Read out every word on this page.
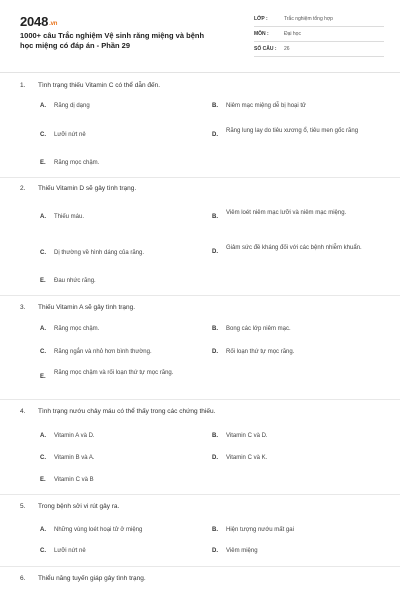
2048.vn
1000+ câu Trắc nghiệm Vệ sinh răng miệng và bệnh học miệng có đáp án - Phần 29
LỚP :	Trắc nghiệm tổng hợp
MÔN :	Đại học
SỐ CÂU : 26
1. Tình trạng thiếu Vitamin C có thể dẫn đến.
A. Răng dị dạng	B. Niêm mạc miệng dễ bị hoại tử
C. Lưỡi nứt nẻ	D.
Răng lung lay do tiêu xương ổ, tiêu men gốc răng
E. Răng mọc chậm.
2. Thiếu Vitamin D sẽ gây tình trạng.
A. Thiếu máu.	B.
Viêm loét niêm mạc lưỡi và niêm mạc miệng.
C. Dị thường về hình dáng của răng.	D.
Giảm sức đề kháng đối với các bệnh nhiễm khuẩn.
E. Đau nhức răng.
3. Thiếu Vitamin A sẽ gây tình trạng.
A. Răng mọc chậm.	B. Bong các lớp niêm mạc.
C. Răng ngắn và nhỏ hơn bình thường.	D. Rối loạn thứ tự mọc răng.
E.
Răng mọc chậm và rối loạn thứ tự mọc răng.
4. Tình trạng nướu chảy máu có thể thấy trong các chứng thiếu.
A. Vitamin A và D.	B. Vitamin C và D.
C. Vitamin B và A.	D. Vitamin C và K.
E. Vitamin C và B
5. Trong bệnh sởi vi rút gây ra.
A. Những vùng loét hoại tử ở miệng	B. Hiện tượng nướu mất gai
C. Lưỡi nứt nẻ	D. Viêm miệng
6. Thiểu năng tuyến giáp gây tình trạng.
